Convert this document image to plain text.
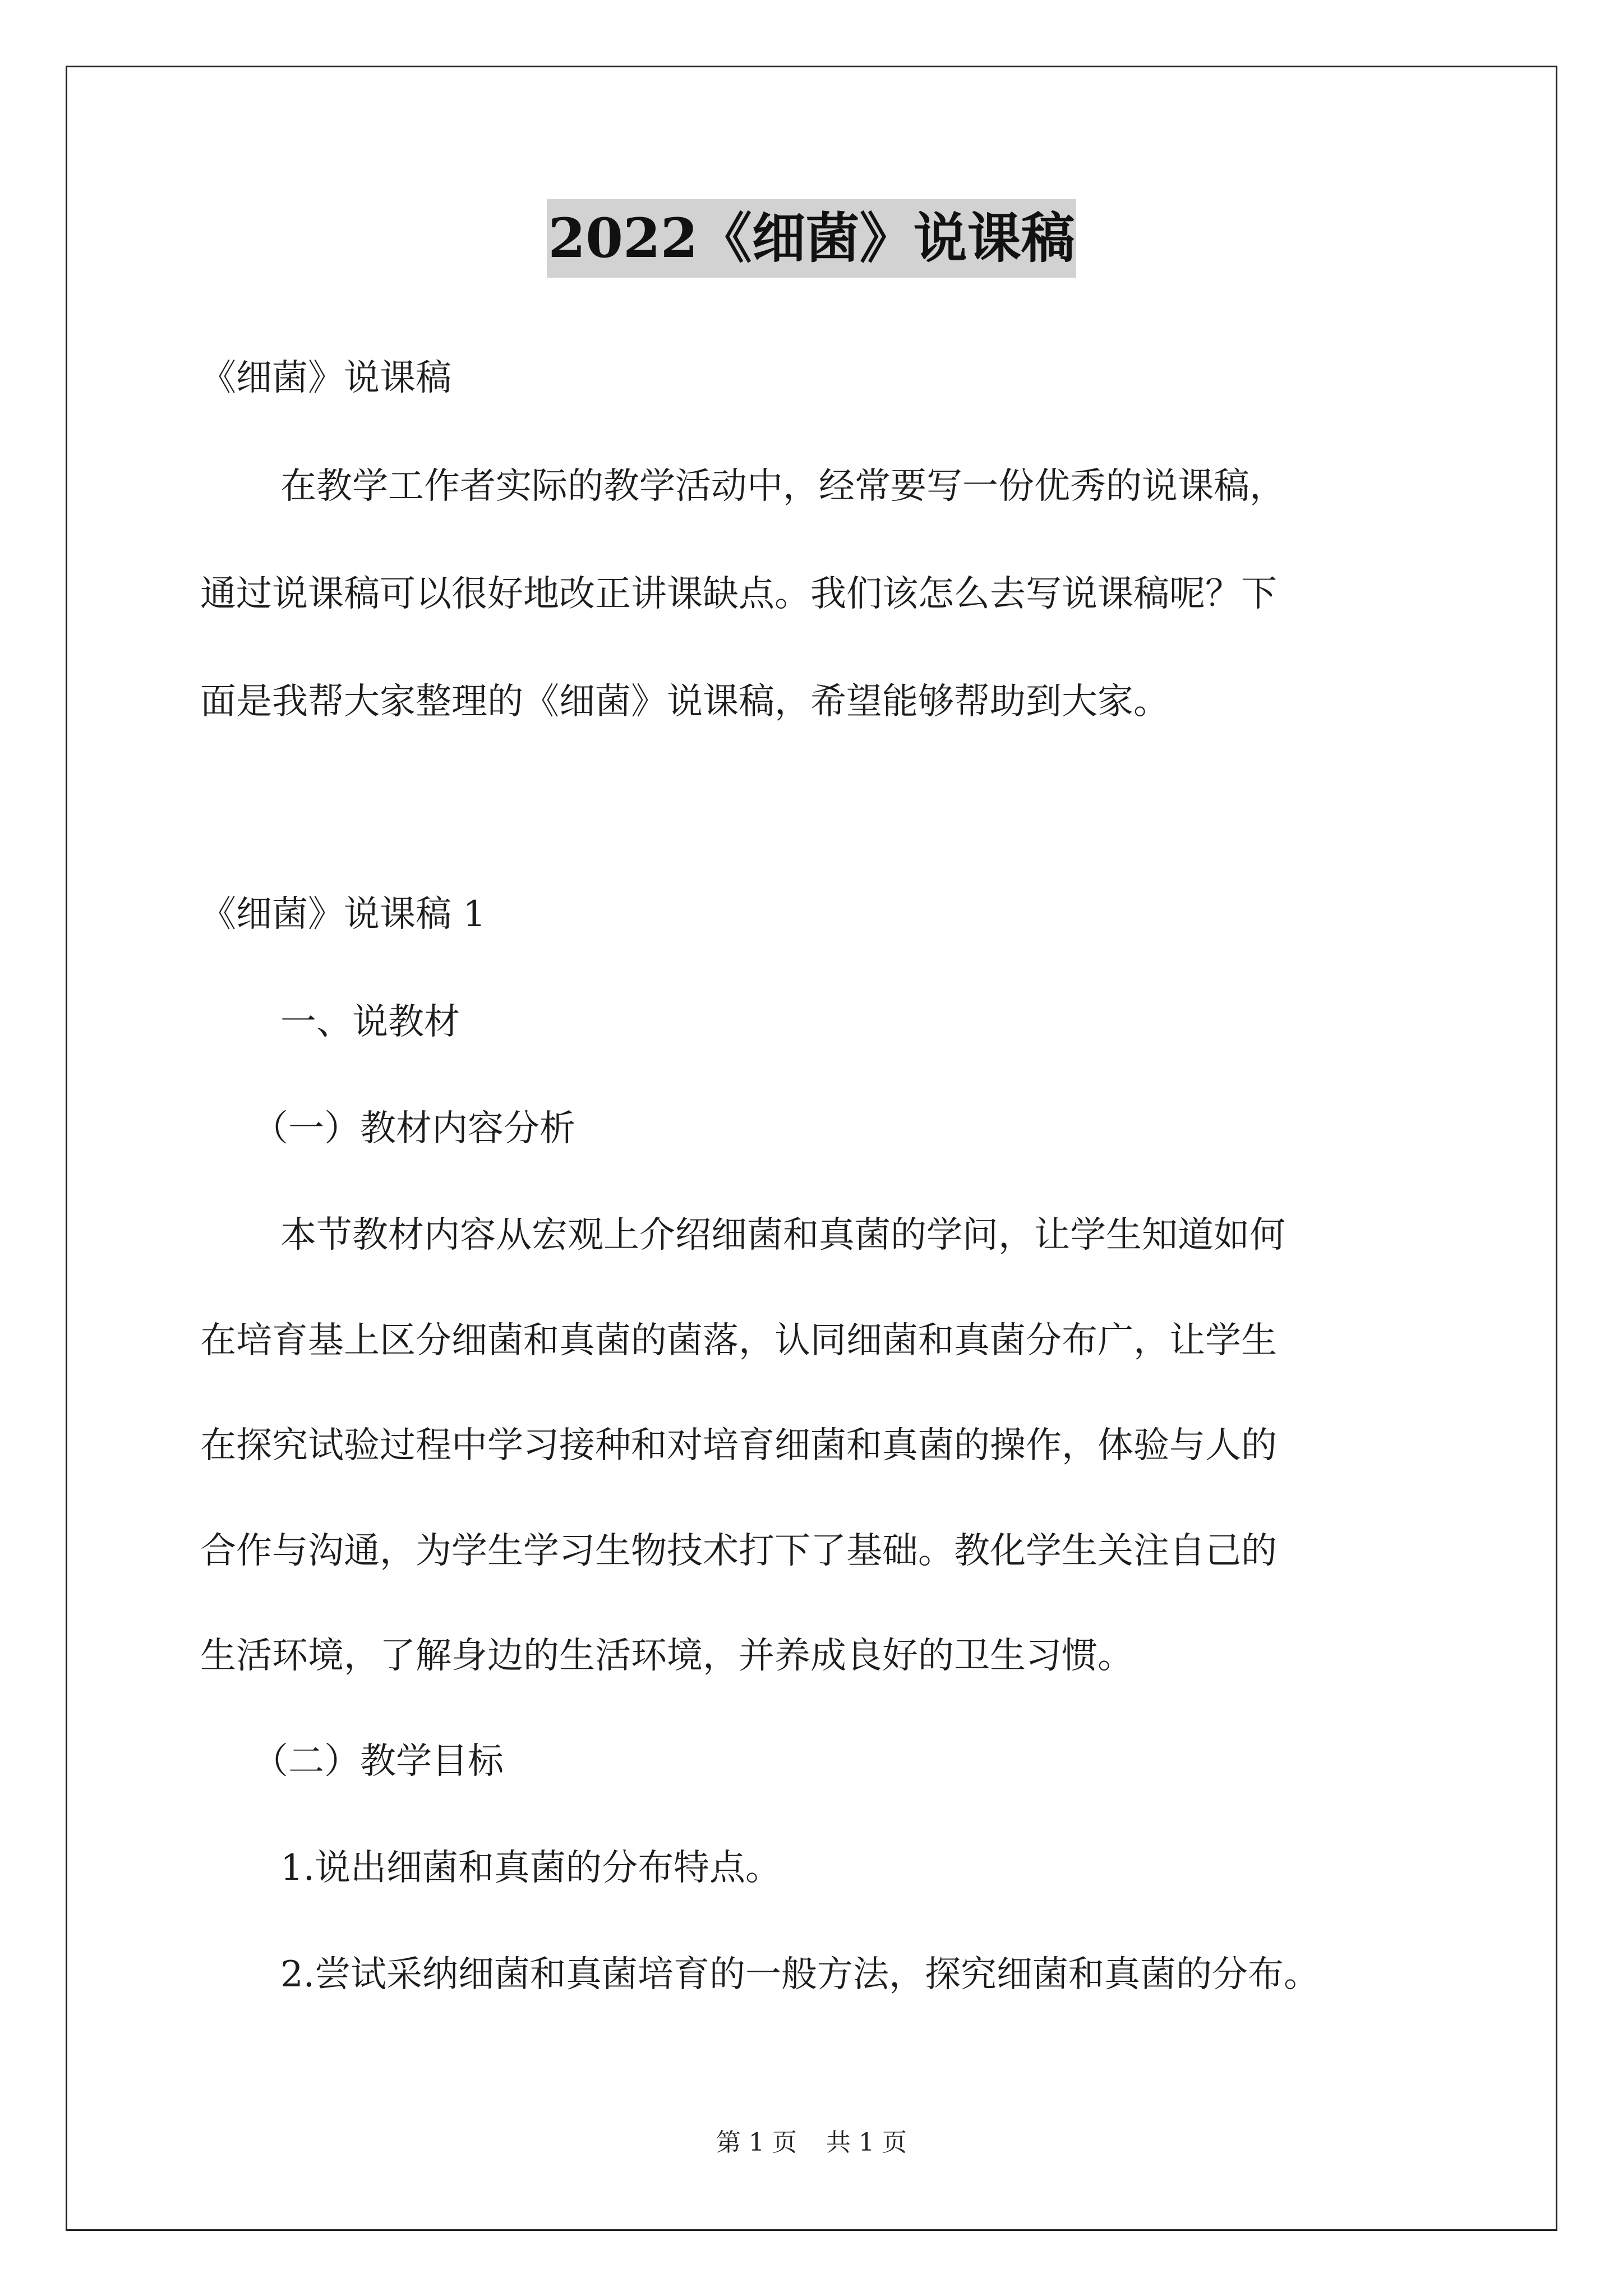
2022《细菌》说课稿
《细菌》说课稿
在教学工作者实际的教学活动中，经常要写一份优秀的说课稿，
通过说课稿可以很好地改正讲课缺点。我们该怎么去写说课稿呢？下
面是我帮大家整理的《细菌》说课稿，希望能够帮助到大家。
《细菌》说课稿 1
一、说教材
（一）教材内容分析
本节教材内容从宏观上介绍细菌和真菌的学问，让学生知道如何
在培育基上区分细菌和真菌的菌落，认同细菌和真菌分布广，让学生
在探究试验过程中学习接种和对培育细菌和真菌的操作，体验与人的
合作与沟通，为学生学习生物技术打下了基础。教化学生关注自己的
生活环境，了解身边的生活环境，并养成良好的卫生习惯。
（二）教学目标
1.说出细菌和真菌的分布特点。
2.尝试采纳细菌和真菌培育的一般方法，探究细菌和真菌的分布。
第 1 页 共 1 页
